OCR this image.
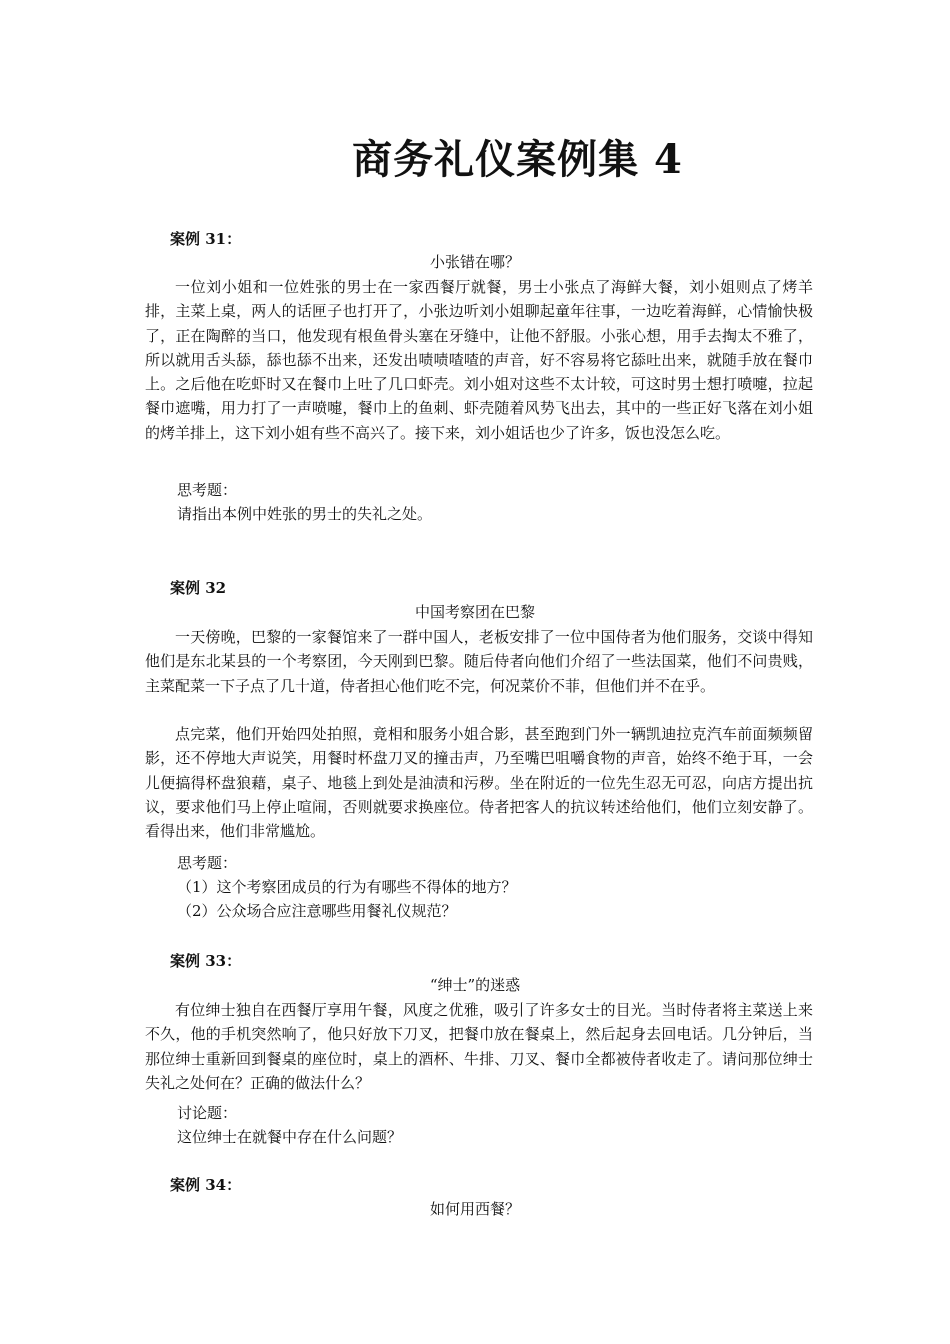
商务礼仪案例集 4
案例 31：
小张错在哪？

一位刘小姐和一位姓张的男士在一家西餐厅就餐，男士小张点了海鲜大餐，刘小姐则点了烤羊排，主菜上桌，两人的话匣子也打开了，小张边听刘小姐聊起童年往事，一边吃着海鲜，心情愉快极了，正在陶醉的当口，他发现有根鱼骨头塞在牙缝中，让他不舒服。小张心想，用手去掏太不雅了，所以就用舌头舔，舔也舔不出来，还发出啧啧喳喳的声音，好不容易将它舔吐出来，就随手放在餐巾上。之后他在吃虾时又在餐巾上吐了几口虾壳。刘小姐对这些不太计较，可这时男士想打喷嚏，拉起餐巾遮嘴，用力打了一声喷嚏，餐巾上的鱼刺、虾壳随着风势飞出去，其中的一些正好飞落在刘小姐的烤羊排上，这下刘小姐有些不高兴了。接下来，刘小姐话也少了许多，饭也没怎么吃。

思考题：
请指出本例中姓张的男士的失礼之处。
案例 32
中国考察团在巴黎

一天傍晚，巴黎的一家餐馆来了一群中国人，老板安排了一位中国侍者为他们服务，交谈中得知他们是东北某县的一个考察团，今天刚到巴黎。随后侍者向他们介绍了一些法国菜，他们不问贵贱，主菜配菜一下子点了几十道，侍者担心他们吃不完，何况菜价不菲，但他们并不在乎。

点完菜，他们开始四处拍照，竟相和服务小姐合影，甚至跑到门外一辆凯迪拉克汽车前面频频留影，还不停地大声说笑，用餐时杯盘刀叉的撞击声，乃至嘴巴咀嚼食物的声音，始终不绝于耳，一会儿便搞得杯盘狼藉，桌子、地毯上到处是油渍和污秽。坐在附近的一位先生忍无可忍，向店方提出抗议，要求他们马上停止喧闹，否则就要求换座位。侍者把客人的抗议转述给他们，他们立刻安静了。看得出来，他们非常尴尬。

思考题：
（1）这个考察团成员的行为有哪些不得体的地方？
（2）公众场合应注意哪些用餐礼仪规范？
案例 33：
“绅士”的迷惑

有位绅士独自在西餐厅享用午餐，风度之优雅，吸引了许多女士的目光。当时侍者将主菜送上来不久，他的手机突然响了，他只好放下刀叉，把餐巾放在餐桌上，然后起身去回电话。几分钟后，当那位绅士重新回到餐桌的座位时，桌上的酒杯、牛排、刀叉、餐巾全都被侍者收走了。请问那位绅士失礼之处何在？正确的做法什么？

讨论题：
这位绅士在就餐中存在什么问题？
案例 34：
如何用西餐？
